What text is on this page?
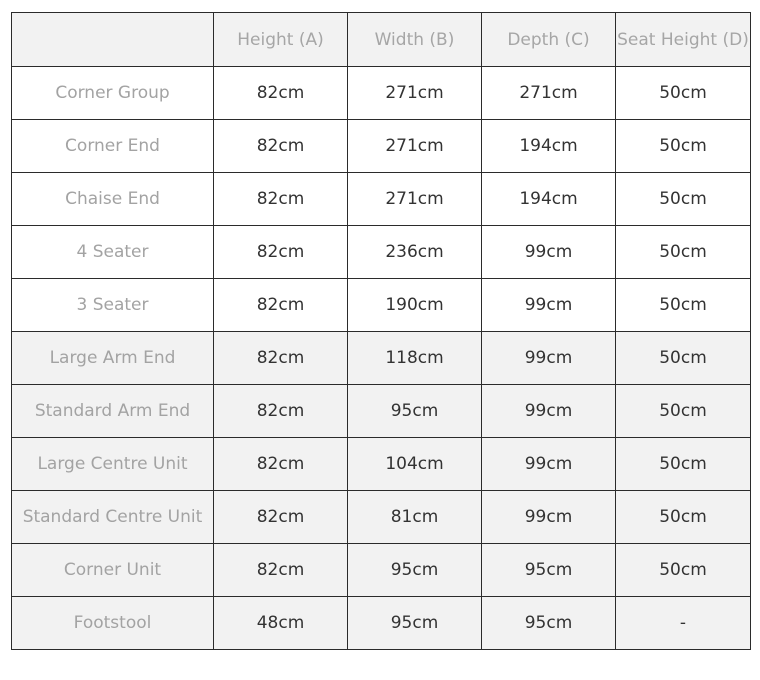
	Height (A)	Width (B)	Depth (C)	Seat Height (D)
Corner Group	82cm	271cm	271cm	50cm
Corner End	82cm	271cm	194cm	50cm
Chaise End	82cm	271cm	194cm	50cm
4 Seater	82cm	236cm	99cm	50cm
3 Seater	82cm	190cm	99cm	50cm
Large Arm End	82cm	118cm	99cm	50cm
Standard Arm End	82cm	95cm	99cm	50cm
Large Centre Unit	82cm	104cm	99cm	50cm
Standard Centre Unit	82cm	81cm	99cm	50cm
Corner Unit	82cm	95cm	95cm	50cm
Footstool	48cm	95cm	95cm	-
